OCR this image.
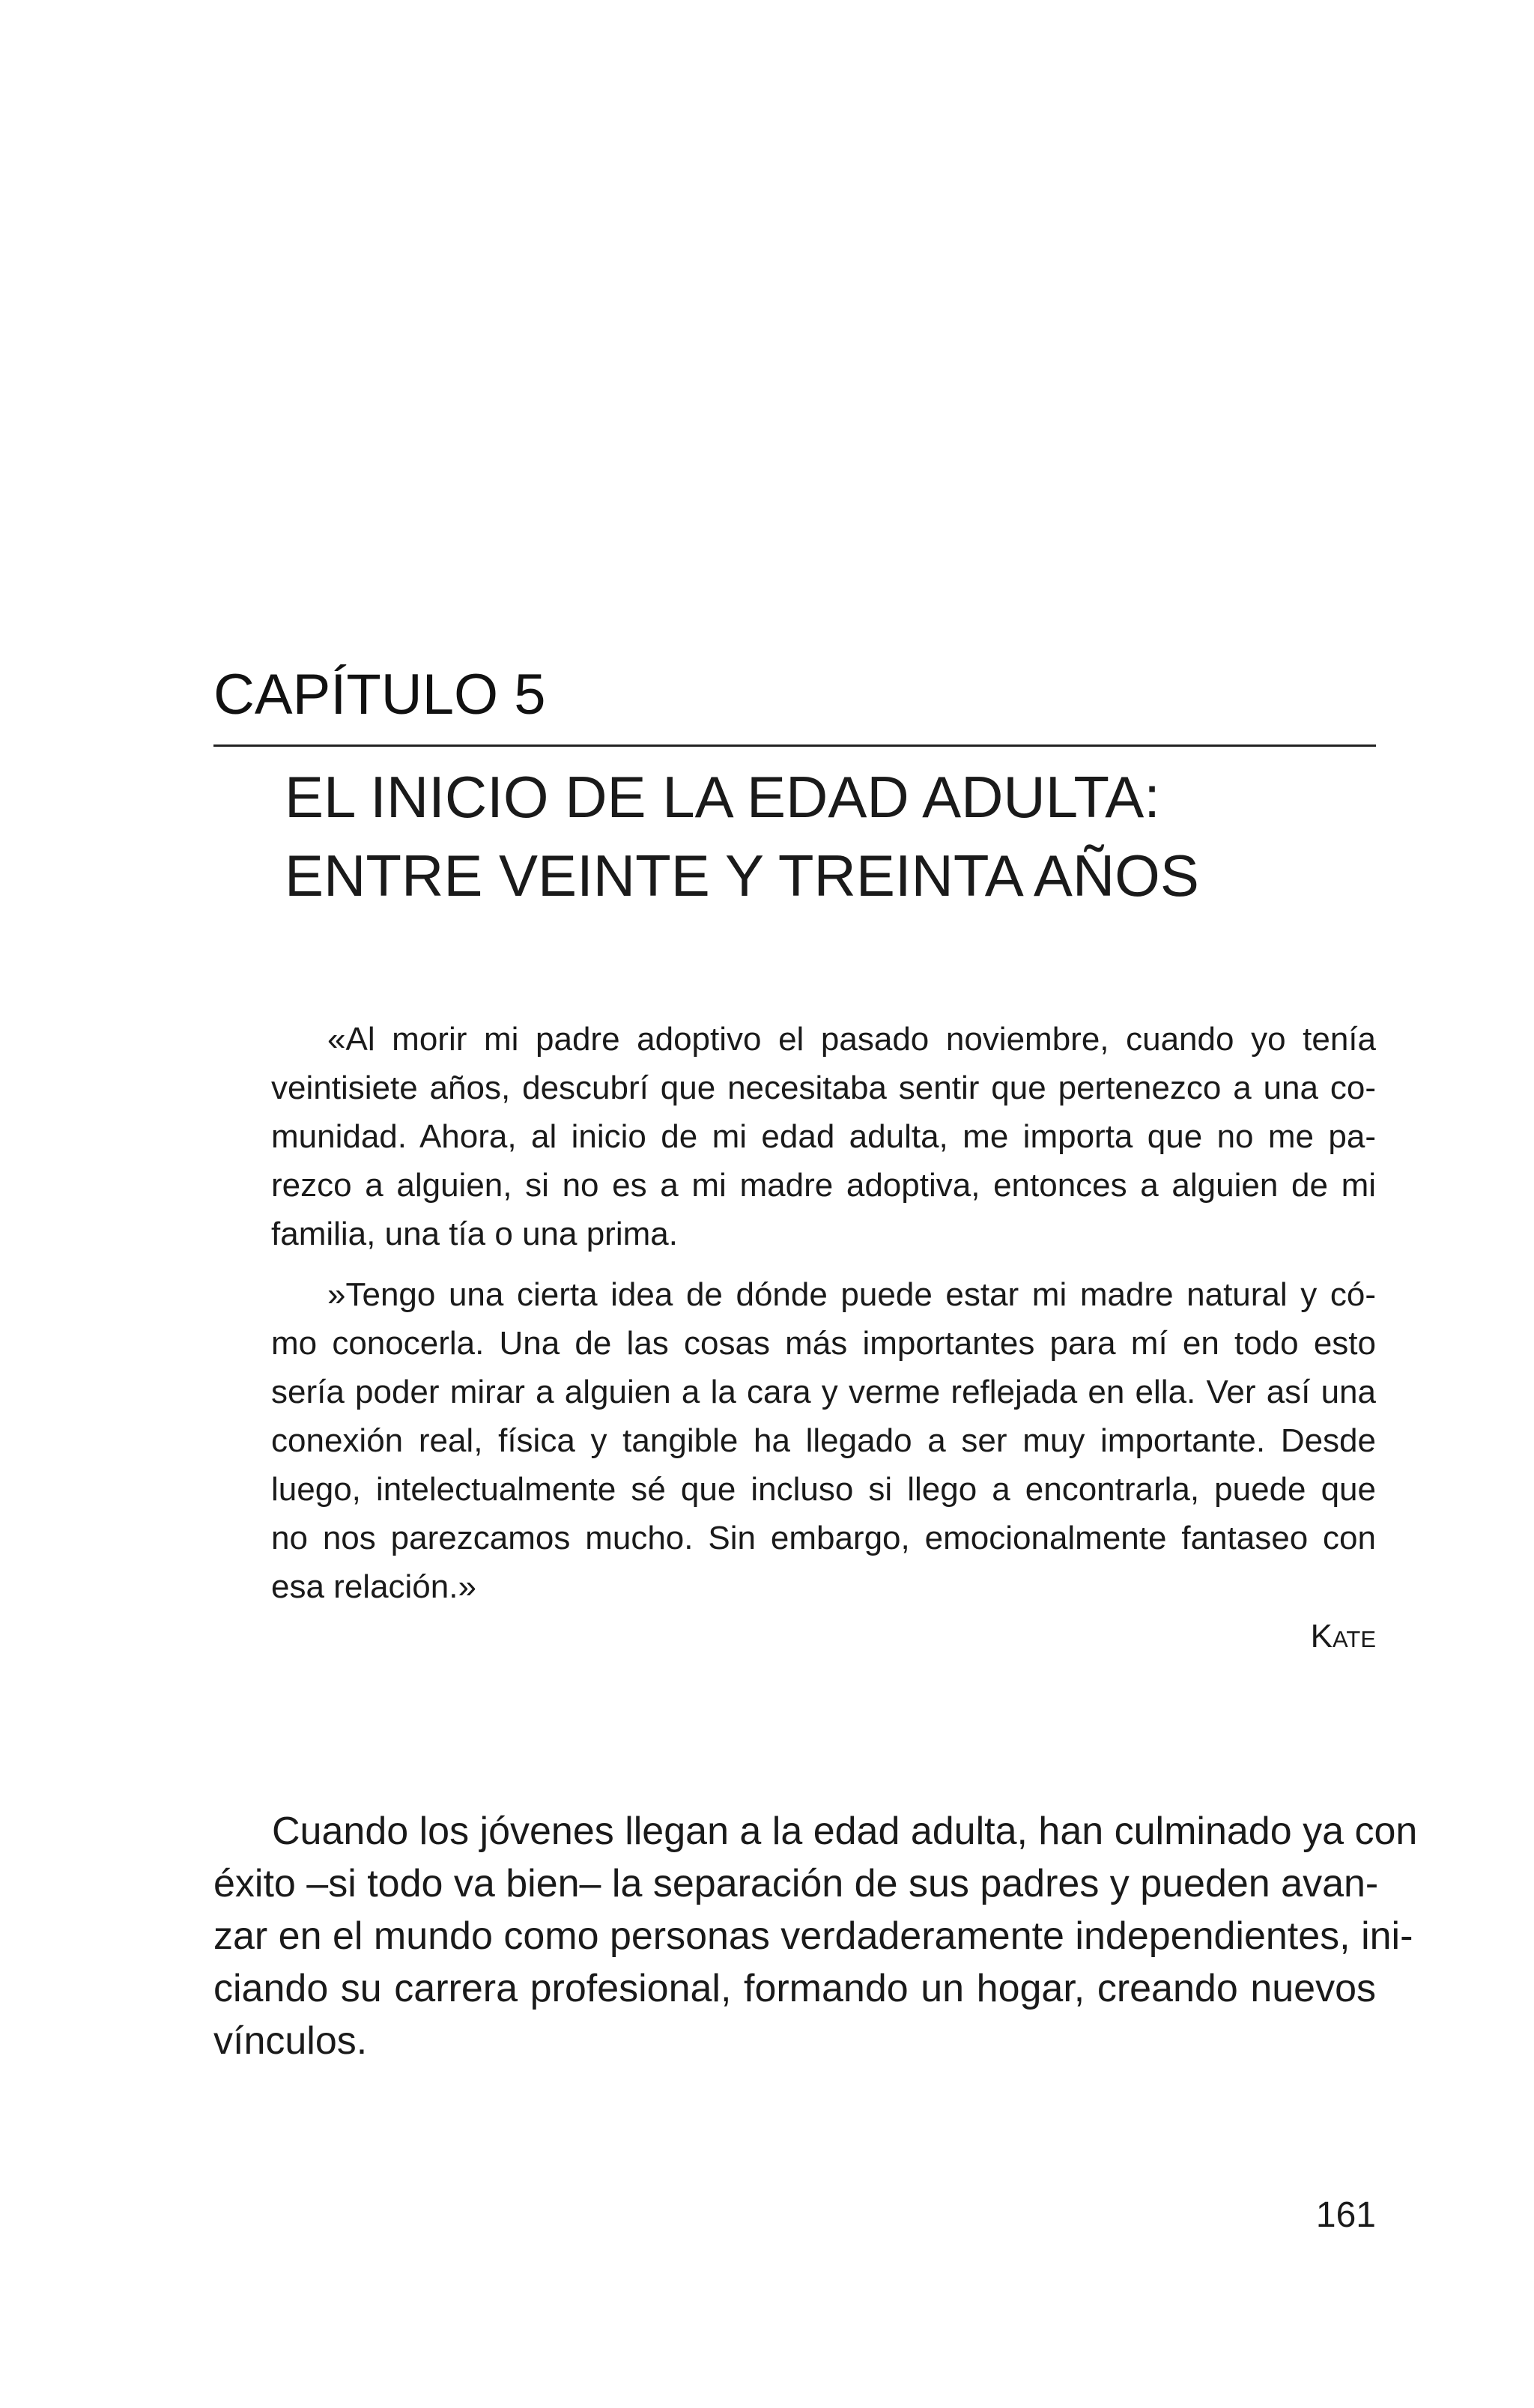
CAPÍTULO 5
EL INICIO DE LA EDAD ADULTA:
ENTRE VEINTE Y TREINTA AÑOS
«Al morir mi padre adoptivo el pasado noviembre, cuando yo tenía
veintisiete años, descubrí que necesitaba sentir que pertenezco a una co-
munidad. Ahora, al inicio de mi edad adulta, me importa que no me pa-
rezco a alguien, si no es a mi madre adoptiva, entonces a alguien de mi
familia, una tía o una prima.
»Tengo una cierta idea de dónde puede estar mi madre natural y có-
mo conocerla. Una de las cosas más importantes para mí en todo esto
sería poder mirar a alguien a la cara y verme reflejada en ella. Ver así una
conexión real, física y tangible ha llegado a ser muy importante. Desde
luego, intelectualmente sé que incluso si llego a encontrarla, puede que
no nos parezcamos mucho. Sin embargo, emocionalmente fantaseo con
esa relación.»
Kate
Cuando los jóvenes llegan a la edad adulta, han culminado ya con
éxito –si todo va bien– la separación de sus padres y pueden avan-
zar en el mundo como personas verdaderamente independientes, ini-
ciando su carrera profesional, formando un hogar, creando nuevos
vínculos.
161
